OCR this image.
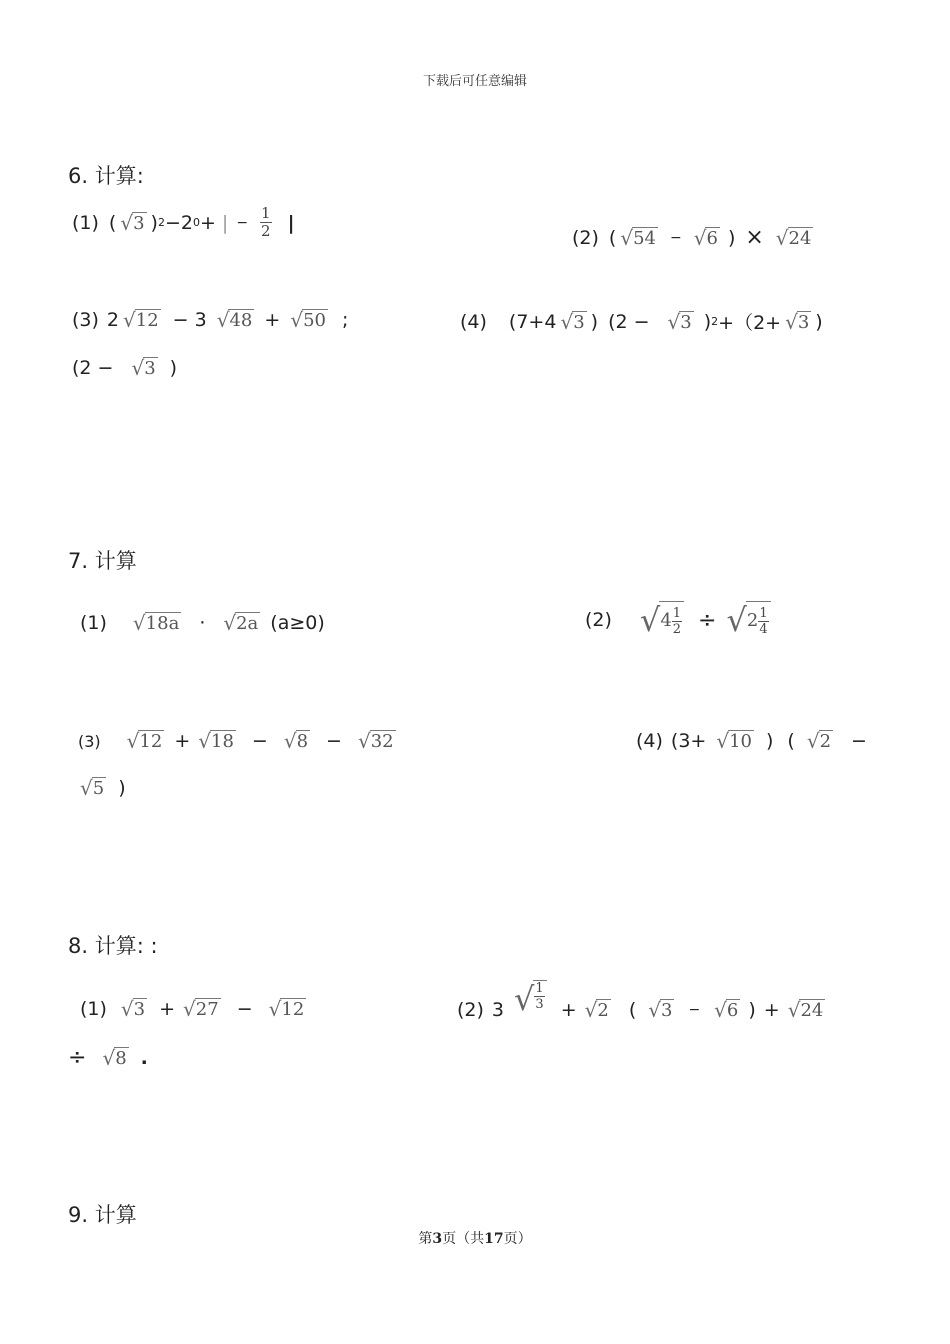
下载后可任意编辑
6. 计算:
(1) ( √ 3 ) 2 − 2 0 + | − $\frac{1}{2}$ |
(2) ( √ 54 − √ 6 ) × √ 24
(3) 2 √ 12 − 3 √ 48 + √ 50 ;	(4) (7+4 √ 3 ) (2 − √ 3 ) 2 +（2+ √ 3 )
(2 − √ 3 )
7. 计算
(1) √ 18a · √ 2a (a≥0)	(2) √ $4 \frac{1}{2}$ ÷ √ $2 \frac{1}{4}$
(3) √ 12 + √ 18 − √ 8 − √ 32	(4) (3+ √ 10 ) ( √ 2 −
√ 5 )
8. 计算: :
(1) √ 3 + √ 27 − √ 12	(2) 3 √ $\frac{1}{3}$ + √ 2 ( √ 3 − √ 6 ) + √ 24
÷ √ 8 .
9. 计算
第3页（共17页）
